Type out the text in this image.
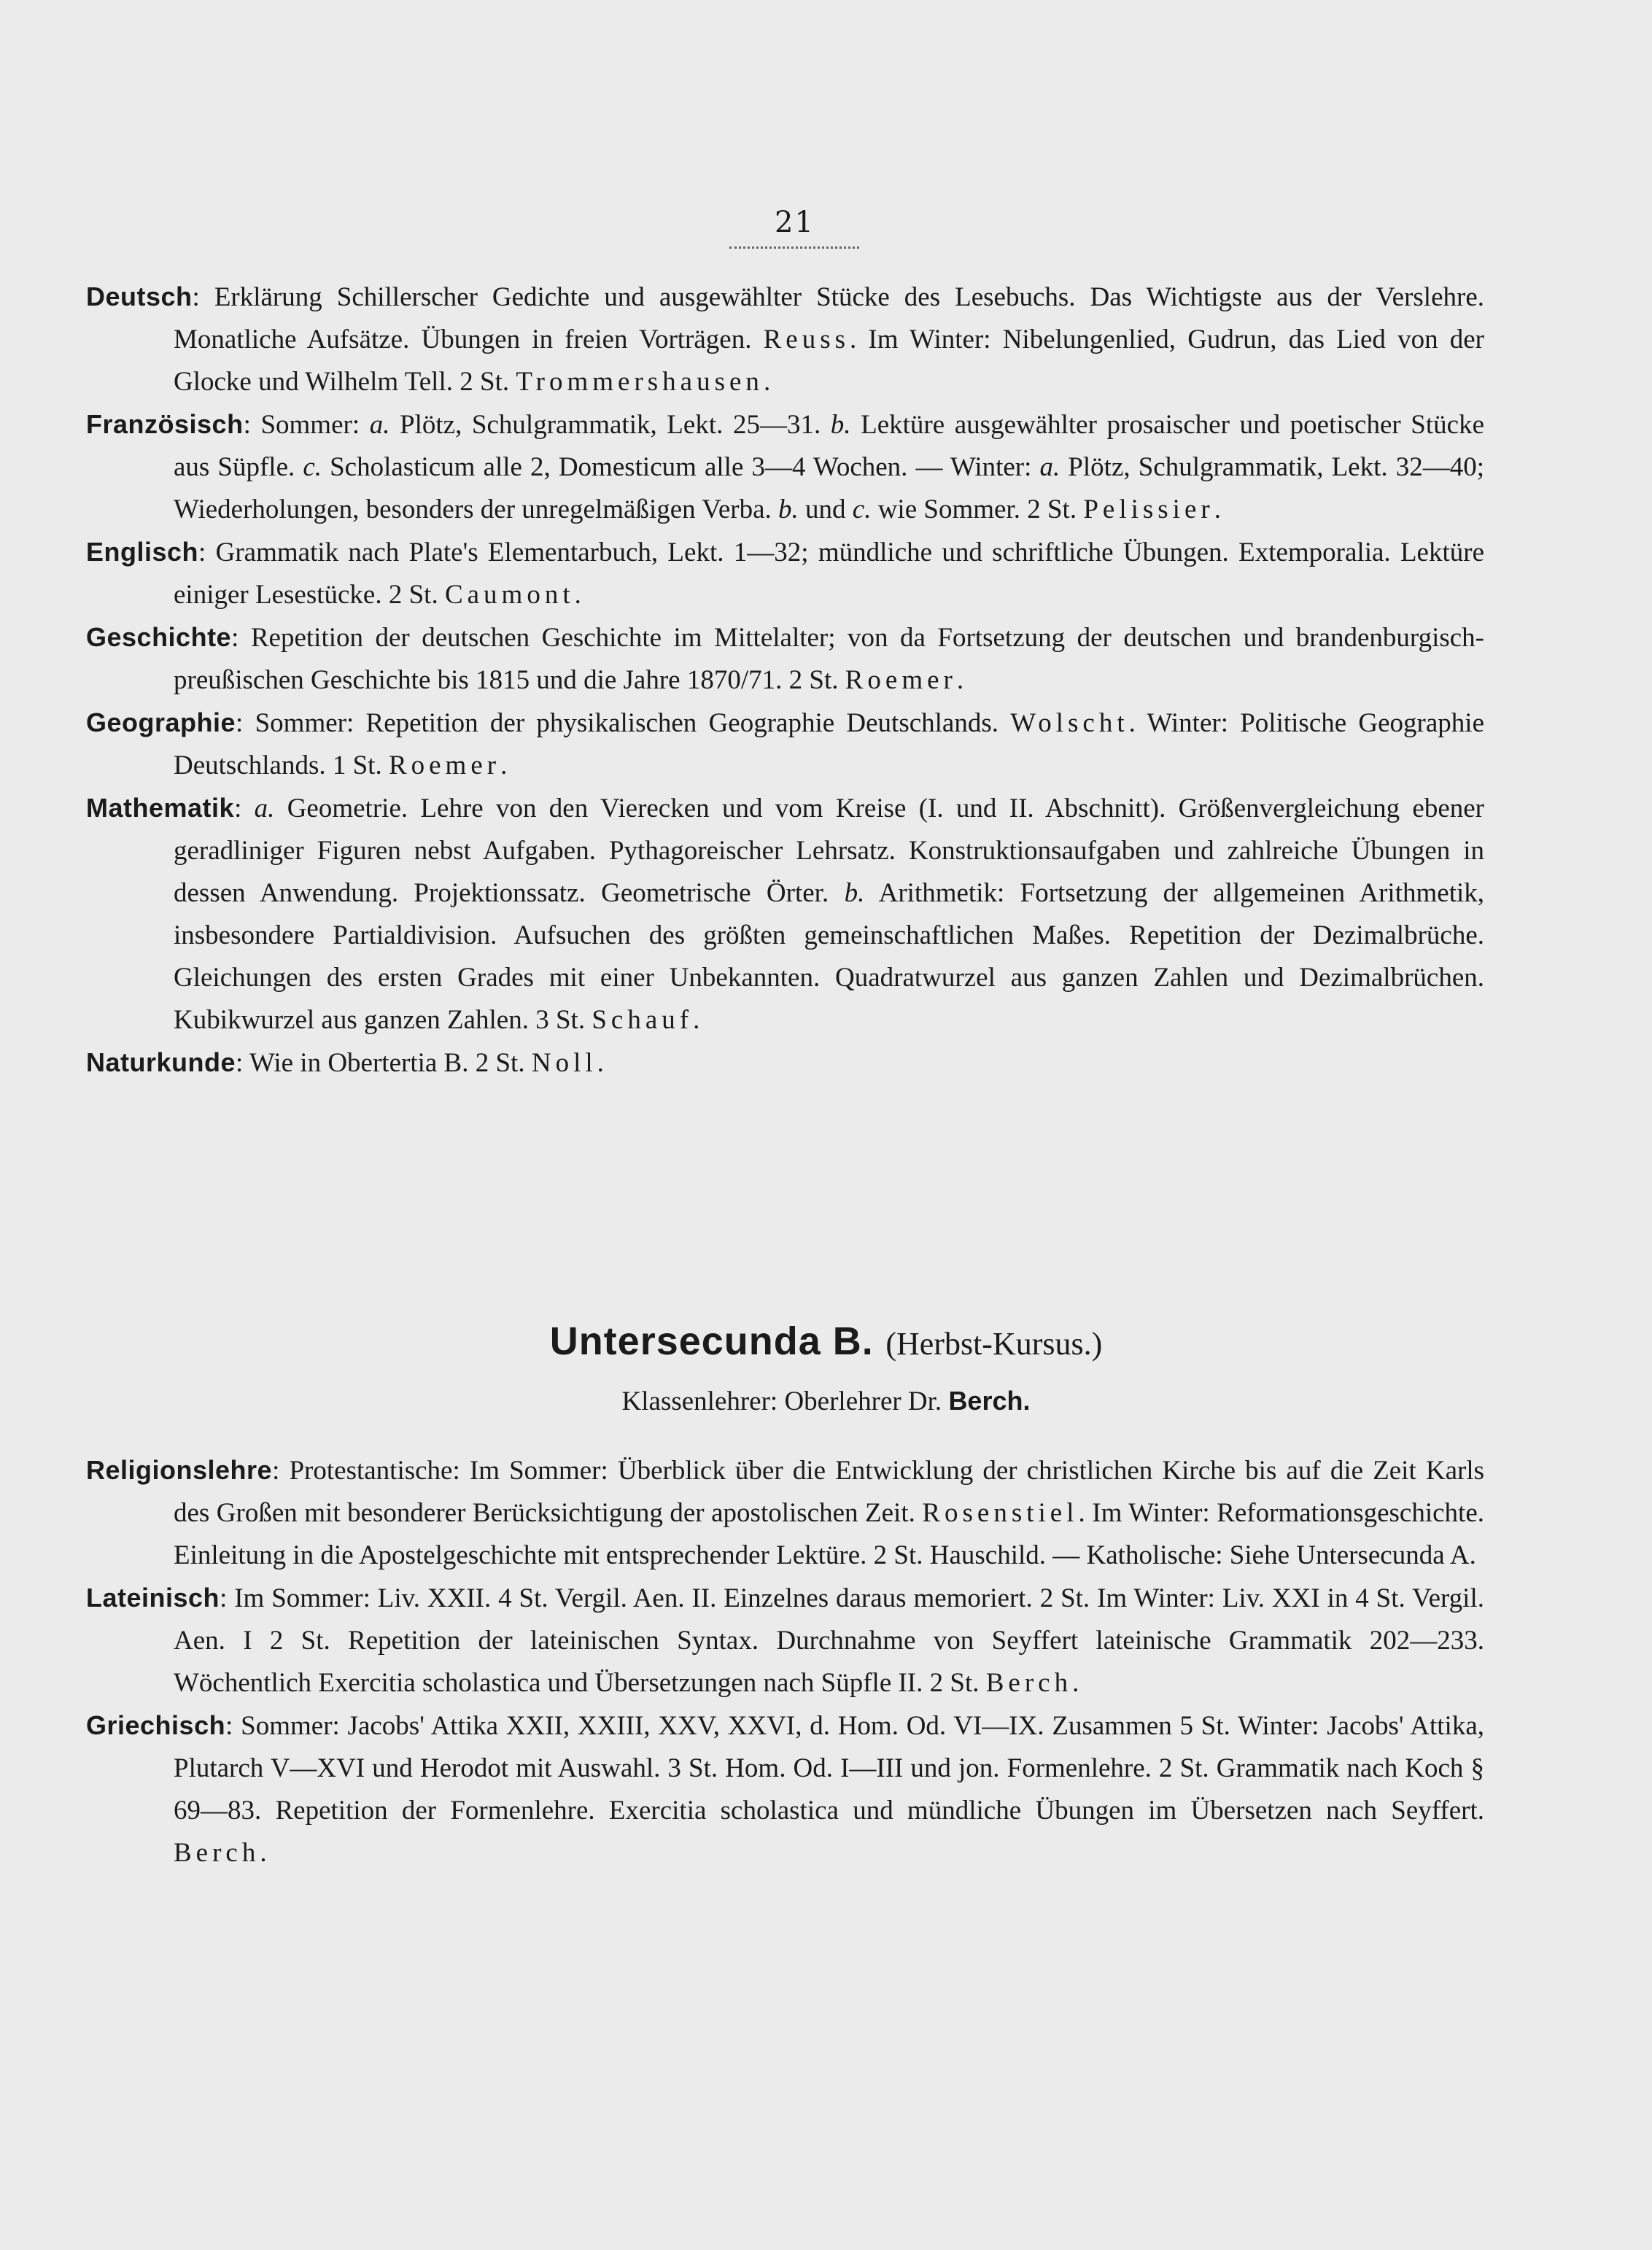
21

Deutsch: Erklärung Schillerscher Gedichte und ausgewählter Stücke des Lesebuchs. Das Wichtigste aus der Verslehre. Monatliche Aufsätze. Übungen in freien Vorträgen. Reuss. Im Winter: Nibelungenlied, Gudrun, das Lied von der Glocke und Wilhelm Tell. 2 St. Trommershausen.

Französisch: Sommer: a. Plötz, Schulgrammatik, Lekt. 25—31. b. Lektüre ausgewählter prosaischer und poetischer Stücke aus Süpfle. c. Scholasticum alle 2, Domesticum alle 3—4 Wochen. — Winter: a. Plötz, Schulgrammatik, Lekt. 32—40; Wiederholungen, besonders der unregelmäßigen Verba. b. und c. wie Sommer. 2 St. Pelissier.

Englisch: Grammatik nach Plate's Elementarbuch, Lekt. 1—32; mündliche und schriftliche Übungen. Extemporalia. Lektüre einiger Lesestücke. 2 St. Caumont.

Geschichte: Repetition der deutschen Geschichte im Mittelalter; von da Fortsetzung der deutschen und brandenburgisch-preußischen Geschichte bis 1815 und die Jahre 1870/71. 2 St. Roemer.

Geographie: Sommer: Repetition der physikalischen Geographie Deutschlands. Wolscht. Winter: Politische Geographie Deutschlands. 1 St. Roemer.

Mathematik: a. Geometrie. Lehre von den Vierecken und vom Kreise (I. und II. Abschnitt). Größenvergleichung ebener geradliniger Figuren nebst Aufgaben. Pythagoreischer Lehrsatz. Konstruktionsaufgaben und zahlreiche Übungen in dessen Anwendung. Projektionssatz. Geometrische Örter. b. Arithmetik: Fortsetzung der allgemeinen Arithmetik, insbesondere Partialdivision. Aufsuchen des größten gemeinschaftlichen Maßes. Repetition der Dezimalbrüche. Gleichungen des ersten Grades mit einer Unbekannten. Quadratwurzel aus ganzen Zahlen und Dezimalbrüchen. Kubikwurzel aus ganzen Zahlen. 3 St. Schauf.

Naturkunde: Wie in Obertertia B. 2 St. Noll.

Untersecunda B. (Herbst-Kursus.)
Klassenlehrer: Oberlehrer Dr. Berch.

Religionslehre: Protestantische: Im Sommer: Überblick über die Entwicklung der christlichen Kirche bis auf die Zeit Karls des Großen mit besonderer Berücksichtigung der apostolischen Zeit. Rosenstiel. Im Winter: Reformationsgeschichte. Einleitung in die Apostelgeschichte mit entsprechender Lektüre. 2 St. Hauschild. — Katholische: Siehe Untersecunda A.

Lateinisch: Im Sommer: Liv. XXII. 4 St. Vergil. Aen. II. Einzelnes daraus memoriert. 2 St. Im Winter: Liv. XXI in 4 St. Vergil. Aen. I 2 St. Repetition der lateinischen Syntax. Durchnahme von Seyffert lateinische Grammatik 202—233. Wöchentlich Exercitia scholastica und Übersetzungen nach Süpfle II. 2 St. Berch.

Griechisch: Sommer: Jacobs' Attika XXII, XXIII, XXV, XXVI, d. Hom. Od. VI—IX. Zusammen 5 St. Winter: Jacobs' Attika, Plutarch V—XVI und Herodot mit Auswahl. 3 St. Hom. Od. I—III und jon. Formenlehre. 2 St. Grammatik nach Koch § 69—83. Repetition der Formenlehre. Exercitia scholastica und mündliche Übungen im Übersetzen nach Seyffert. Berch.
